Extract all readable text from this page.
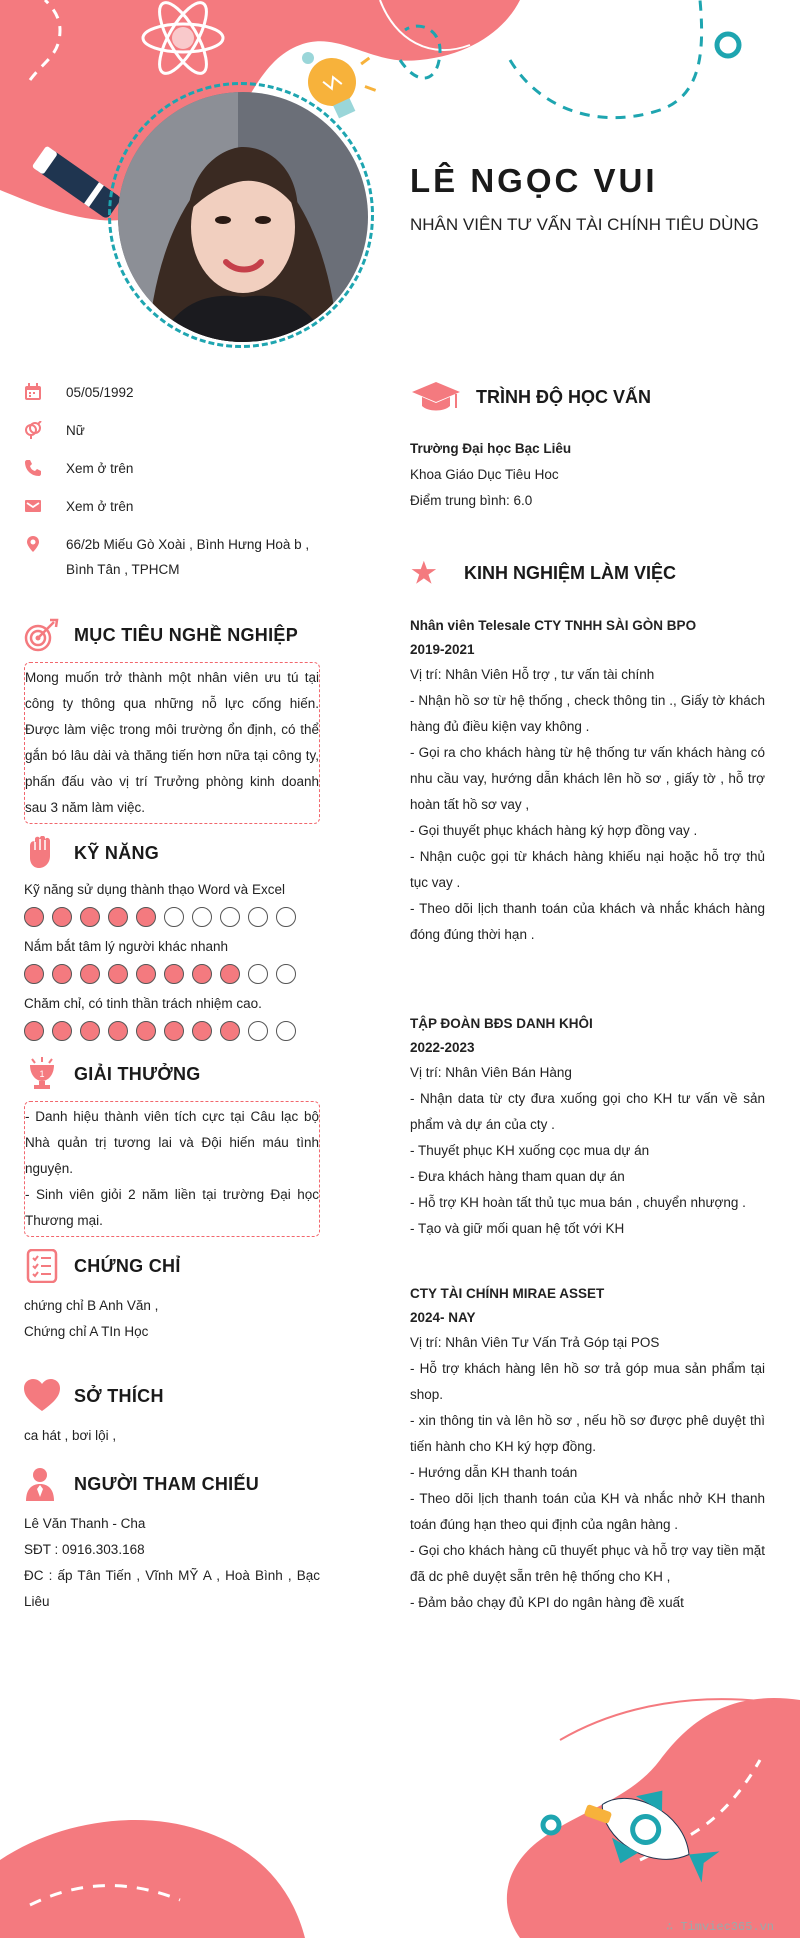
LÊ NGỌC VUI
NHÂN VIÊN TƯ VẤN TÀI CHÍNH TIÊU DÙNG
05/05/1992
Nữ
Xem ở trên
Xem ở trên
66/2b Miếu Gò Xoài , Bình Hưng Hoà b , Bình Tân , TPHCM
MỤC TIÊU NGHỀ NGHIỆP
Mong muốn trở thành một nhân viên ưu tú tại công ty thông qua những nỗ lực cống hiến. Được làm việc trong môi trường ổn định, có thể gắn bó lâu dài và thăng tiến hơn nữa tại công ty, phấn đấu vào vị trí Trưởng phòng kinh doanh sau 3 năm làm việc.
KỸ NĂNG
Kỹ năng sử dụng thành thạo Word và Excel
Nắm bắt tâm lý người khác nhanh
Chăm chỉ, có tinh thần trách nhiệm cao.
1 GIẢI THƯỞNG
- Danh hiệu thành viên tích cực tại Câu lạc bộ Nhà quản trị tương lai và Đội hiến máu tình nguyện.
- Sinh viên giỏi 2 năm liền tại trường Đại học Thương mại.
CHỨNG CHỈ
chứng chỉ B Anh Văn ,
Chứng chỉ A TIn Học
SỞ THÍCH
ca hát , bơi lội ,
NGƯỜI THAM CHIẾU
Lê Văn Thanh - Cha
SĐT : 0916.303.168
ĐC : ấp Tân Tiến , Vĩnh MỸ A , Hoà Bình , Bạc Liêu
TRÌNH ĐỘ HỌC VẤN
Trường Đại học Bạc Liêu
Khoa Giáo Dục Tiêu Hoc
Điểm trung bình: 6.0
KINH NGHIỆM LÀM VIỆC
Nhân viên Telesale CTY TNHH SÀI GÒN BPO
2019-2021
Vị trí: Nhân Viên Hỗ trợ , tư vấn tài chính
- Nhận hồ sơ từ hệ thống , check thông tin ., Giấy tờ khách hàng đủ điều kiện vay không .
- Gọi ra cho khách hàng từ hệ thống tư vấn khách hàng có nhu cầu vay, hướng dẫn khách lên hồ sơ , giấy tờ , hỗ trợ hoàn tất hồ sơ vay ,
- Gọi thuyết phục khách hàng ký hợp đồng vay .
- Nhận cuộc gọi từ khách hàng khiếu nại hoặc hỗ trợ thủ tục vay .
- Theo dõi lịch thanh toán của khách và nhắc khách hàng đóng đúng thời hạn .
TẬP ĐOÀN BĐS DANH KHÔI
2022-2023
Vị trí: Nhân Viên Bán Hàng
- Nhận data từ cty đưa xuống gọi cho KH tư vấn về sản phẩm và dự án của cty .
- Thuyết phục KH xuống cọc mua dự án
- Đưa khách hàng tham quan dự án
- Hỗ trợ KH hoàn tất thủ tục mua bán , chuyển nhượng .
- Tạo và giữ mối quan hệ tốt với KH
CTY TÀI CHÍNH MIRAE ASSET
2024- NAY
Vị trí: Nhân Viên Tư Vấn Trả Góp tại POS
- Hỗ trợ khách hàng lên hồ sơ trả góp mua sản phẩm tại shop.
- xin thông tin và lên hồ sơ , nếu hồ sơ được phê duyệt thì tiến hành cho KH ký hợp đồng.
- Hướng dẫn KH thanh toán
- Theo dõi lịch thanh toán của KH và nhắc nhở KH thanh toán đúng hạn theo qui định của ngân hàng .
- Gọi cho khách hàng cũ thuyết phục và hỗ trợ vay tiền mặt đã dc phê duyệt sẵn trên hệ thống cho KH ,
- Đảm bảo chạy đủ KPI do ngân hàng đề xuất
∴ Timviec365.vn
